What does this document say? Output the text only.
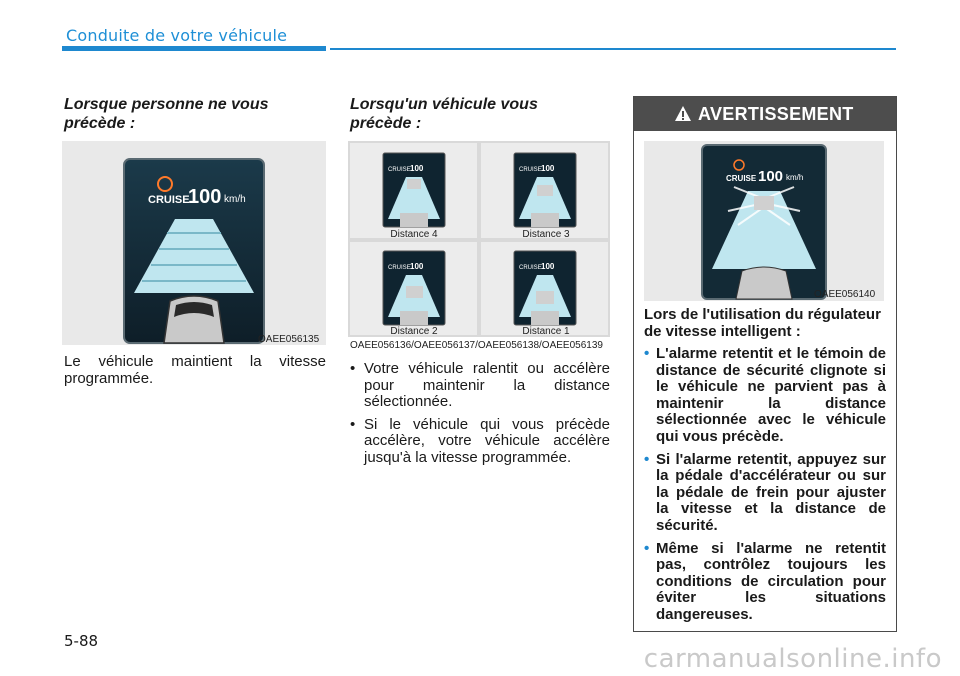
Conduite de votre véhicule
Lorsque personne ne vous précède :
CRUISE
100 km/h
OAEE056135
Le véhicule maintient la vitesse programmée.
Lorsqu'un véhicule vous précède :
CRUISE 100	CRUISE 100
CRUISE 100	CRUISE 100
Distance 4	Distance 3
Distance 2	Distance 1
OAEE056136/OAEE056137/OAEE056138/OAEE056139
• Votre véhicule ralentit ou accélère pour maintenir la distance sélectionnée.
• Si le véhicule qui vous précède accélère, votre véhicule accélère jusqu'à la vitesse programmée.
AVERTISSEMENT
CRUISE 100 km/h
OAEE056140
Lors de l'utilisation du régulateur de vitesse intelligent :
• L'alarme retentit et le témoin de distance de sécurité clignote si le véhicule ne parvient pas à maintenir la distance sélectionnée avec le véhicule qui vous précède.
• Si l'alarme retentit, appuyez sur la pédale d'accélérateur ou sur la pédale de frein pour ajuster la vitesse et la distance de sécurité.
• Même si l'alarme ne retentit pas, contrôlez toujours les conditions de circulation pour éviter les situations dangereuses.
5-88
carmanualsonline.info
